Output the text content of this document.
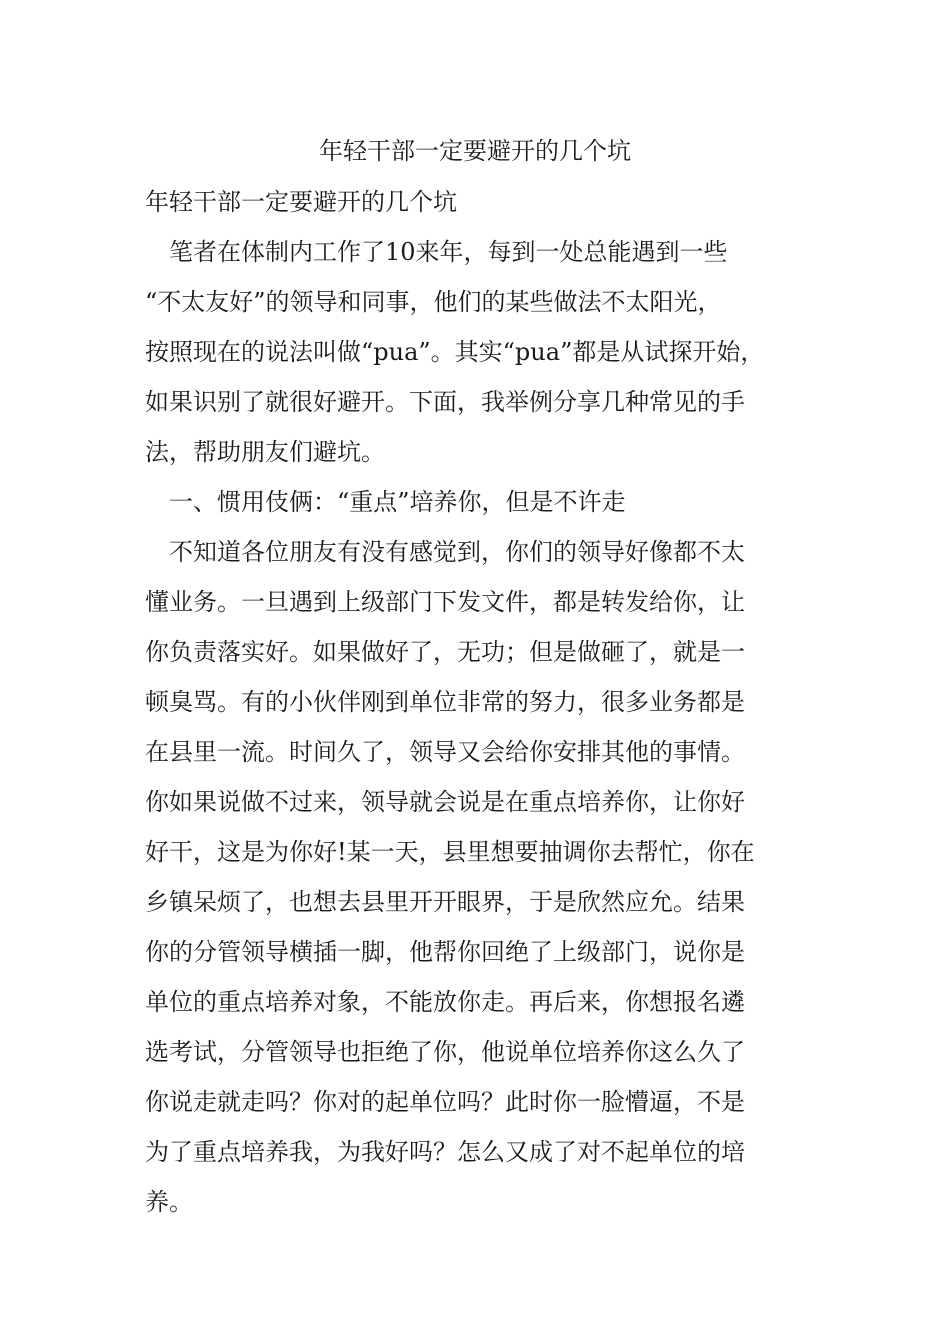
年轻干部一定要避开的几个坑
年轻干部一定要避开的几个坑
　笔者在体制内工作了10来年，每到一处总能遇到一些
“不太友好”的领导和同事，他们的某些做法不太阳光，
按照现在的说法叫做“pua”。其实“pua”都是从试探开始，
如果识别了就很好避开。下面，我举例分享几种常见的手
法，帮助朋友们避坑。
　一、惯用伎俩：“重点”培养你，但是不许走
　不知道各位朋友有没有感觉到，你们的领导好像都不太
懂业务。一旦遇到上级部门下发文件，都是转发给你，让
你负责落实好。如果做好了，无功；但是做砸了，就是一
顿臭骂。有的小伙伴刚到单位非常的努力，很多业务都是
在县里一流。时间久了，领导又会给你安排其他的事情。
你如果说做不过来，领导就会说是在重点培养你，让你好
好干，这是为你好!某一天，县里想要抽调你去帮忙，你在
乡镇呆烦了，也想去县里开开眼界，于是欣然应允。结果
你的分管领导横插一脚，他帮你回绝了上级部门，说你是
单位的重点培养对象，不能放你走。再后来，你想报名遴
选考试，分管领导也拒绝了你，他说单位培养你这么久了
你说走就走吗？你对的起单位吗？此时你一脸懵逼，不是
为了重点培养我，为我好吗？怎么又成了对不起单位的培
养。
